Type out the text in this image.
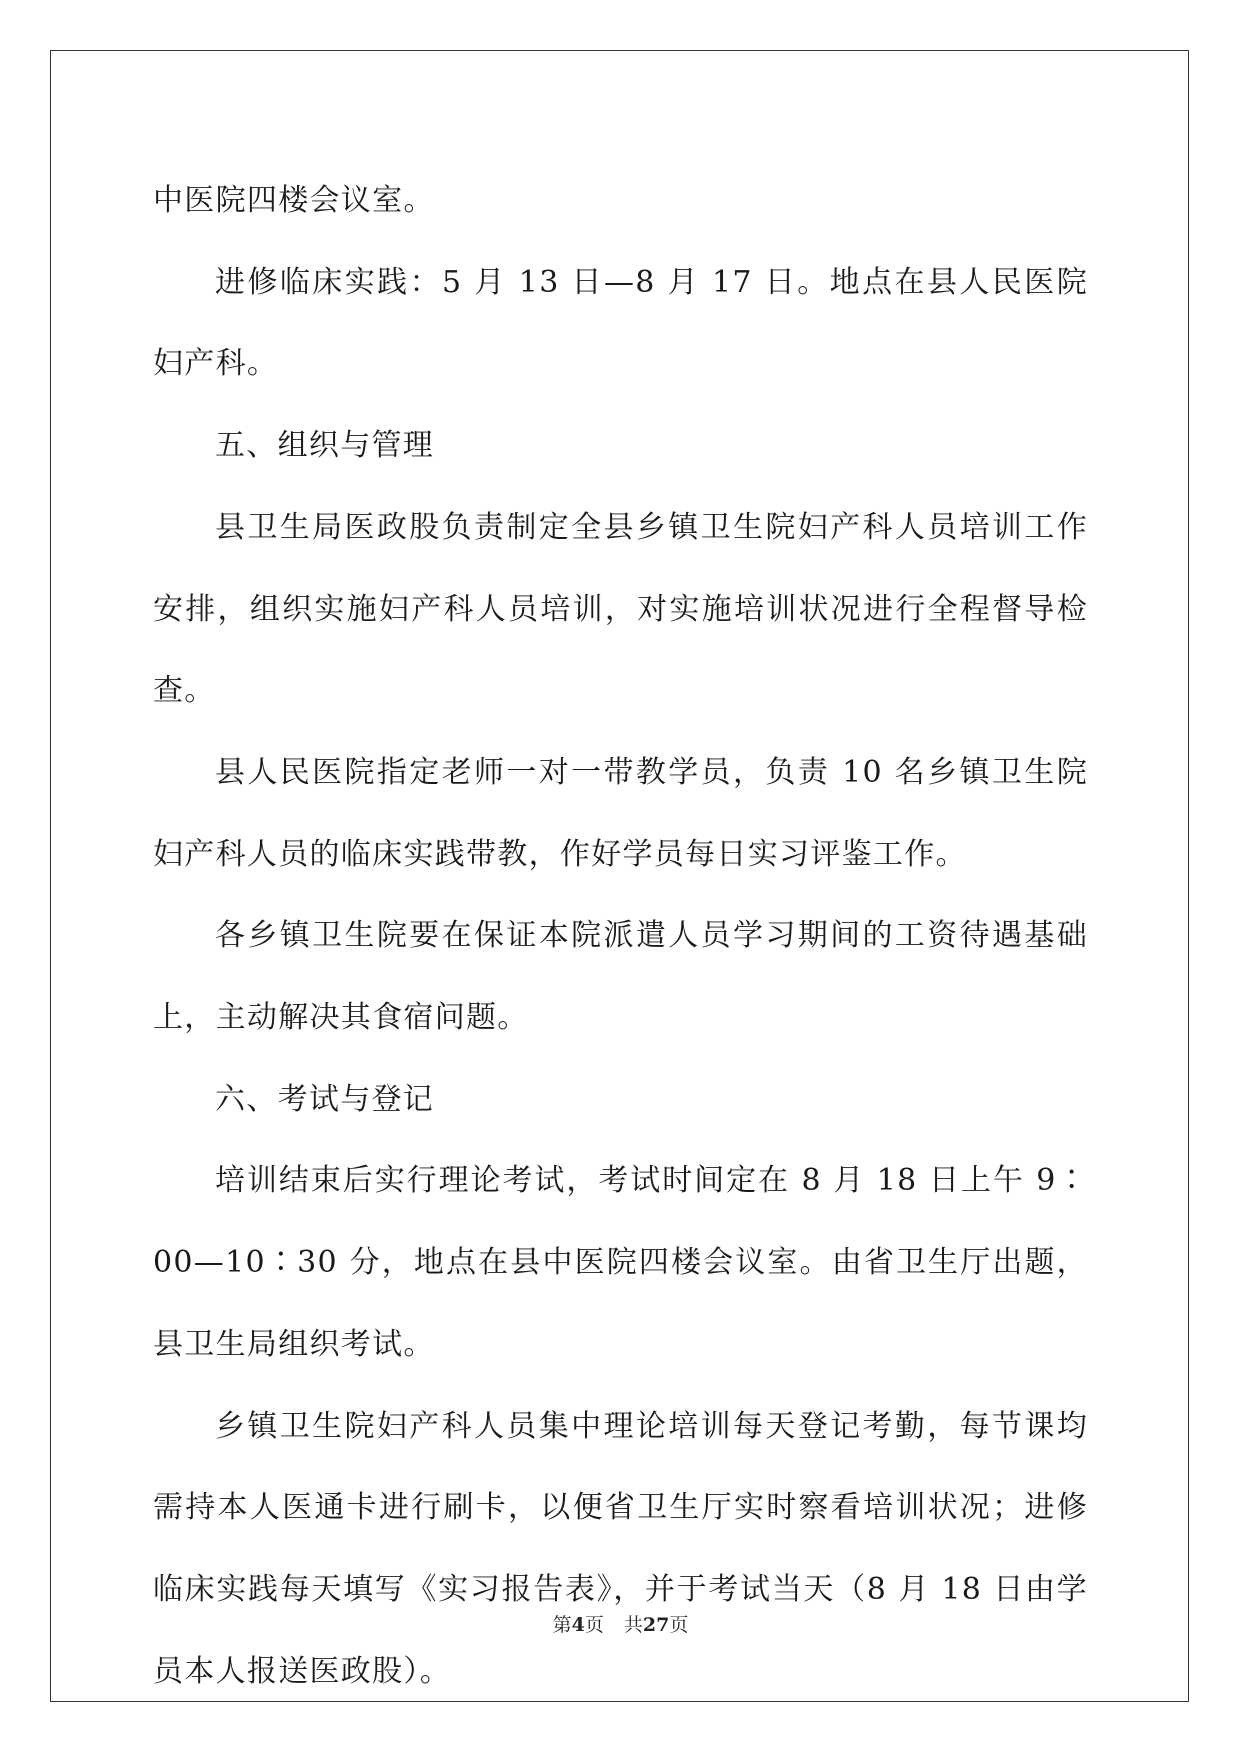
中医院四楼会议室。

进修临床实践：5 月 13 日—8 月 17 日。地点在县人民医院妇产科。

五、组织与管理

县卫生局医政股负责制定全县乡镇卫生院妇产科人员培训工作安排，组织实施妇产科人员培训，对实施培训状况进行全程督导检查。

县人民医院指定老师一对一带教学员，负责 10 名乡镇卫生院妇产科人员的临床实践带教，作好学员每日实习评鉴工作。

各乡镇卫生院要在保证本院派遣人员学习期间的工资待遇基础上，主动解决其食宿问题。

六、考试与登记

培训结束后实行理论考试，考试时间定在 8 月 18 日上午 9∶00—10∶30 分，地点在县中医院四楼会议室。由省卫生厅出题，县卫生局组织考试。

乡镇卫生院妇产科人员集中理论培训每天登记考勤，每节课均需持本人医通卡进行刷卡，以便省卫生厅实时察看培训状况；进修临床实践每天填写《实习报告表》，并于考试当天（8 月 18 日由学员本人报送医政股）。

第4页 共27页
